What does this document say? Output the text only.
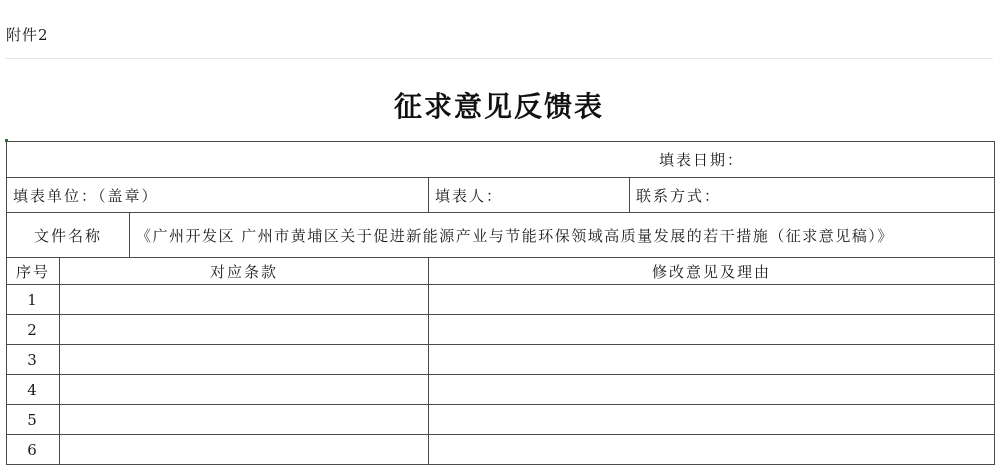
附件2
征求意见反馈表
填表日期：				
填表单位：（盖章）			填表人：	联系方式：
文件名称		《广州开发区 广州市黄埔区关于促进新能源产业与节能环保领域高质量发展的若干措施（征求意见稿）》		
序号	对应条款		修改意见及理由	
1				
2				
3				
4				
5				
6				
